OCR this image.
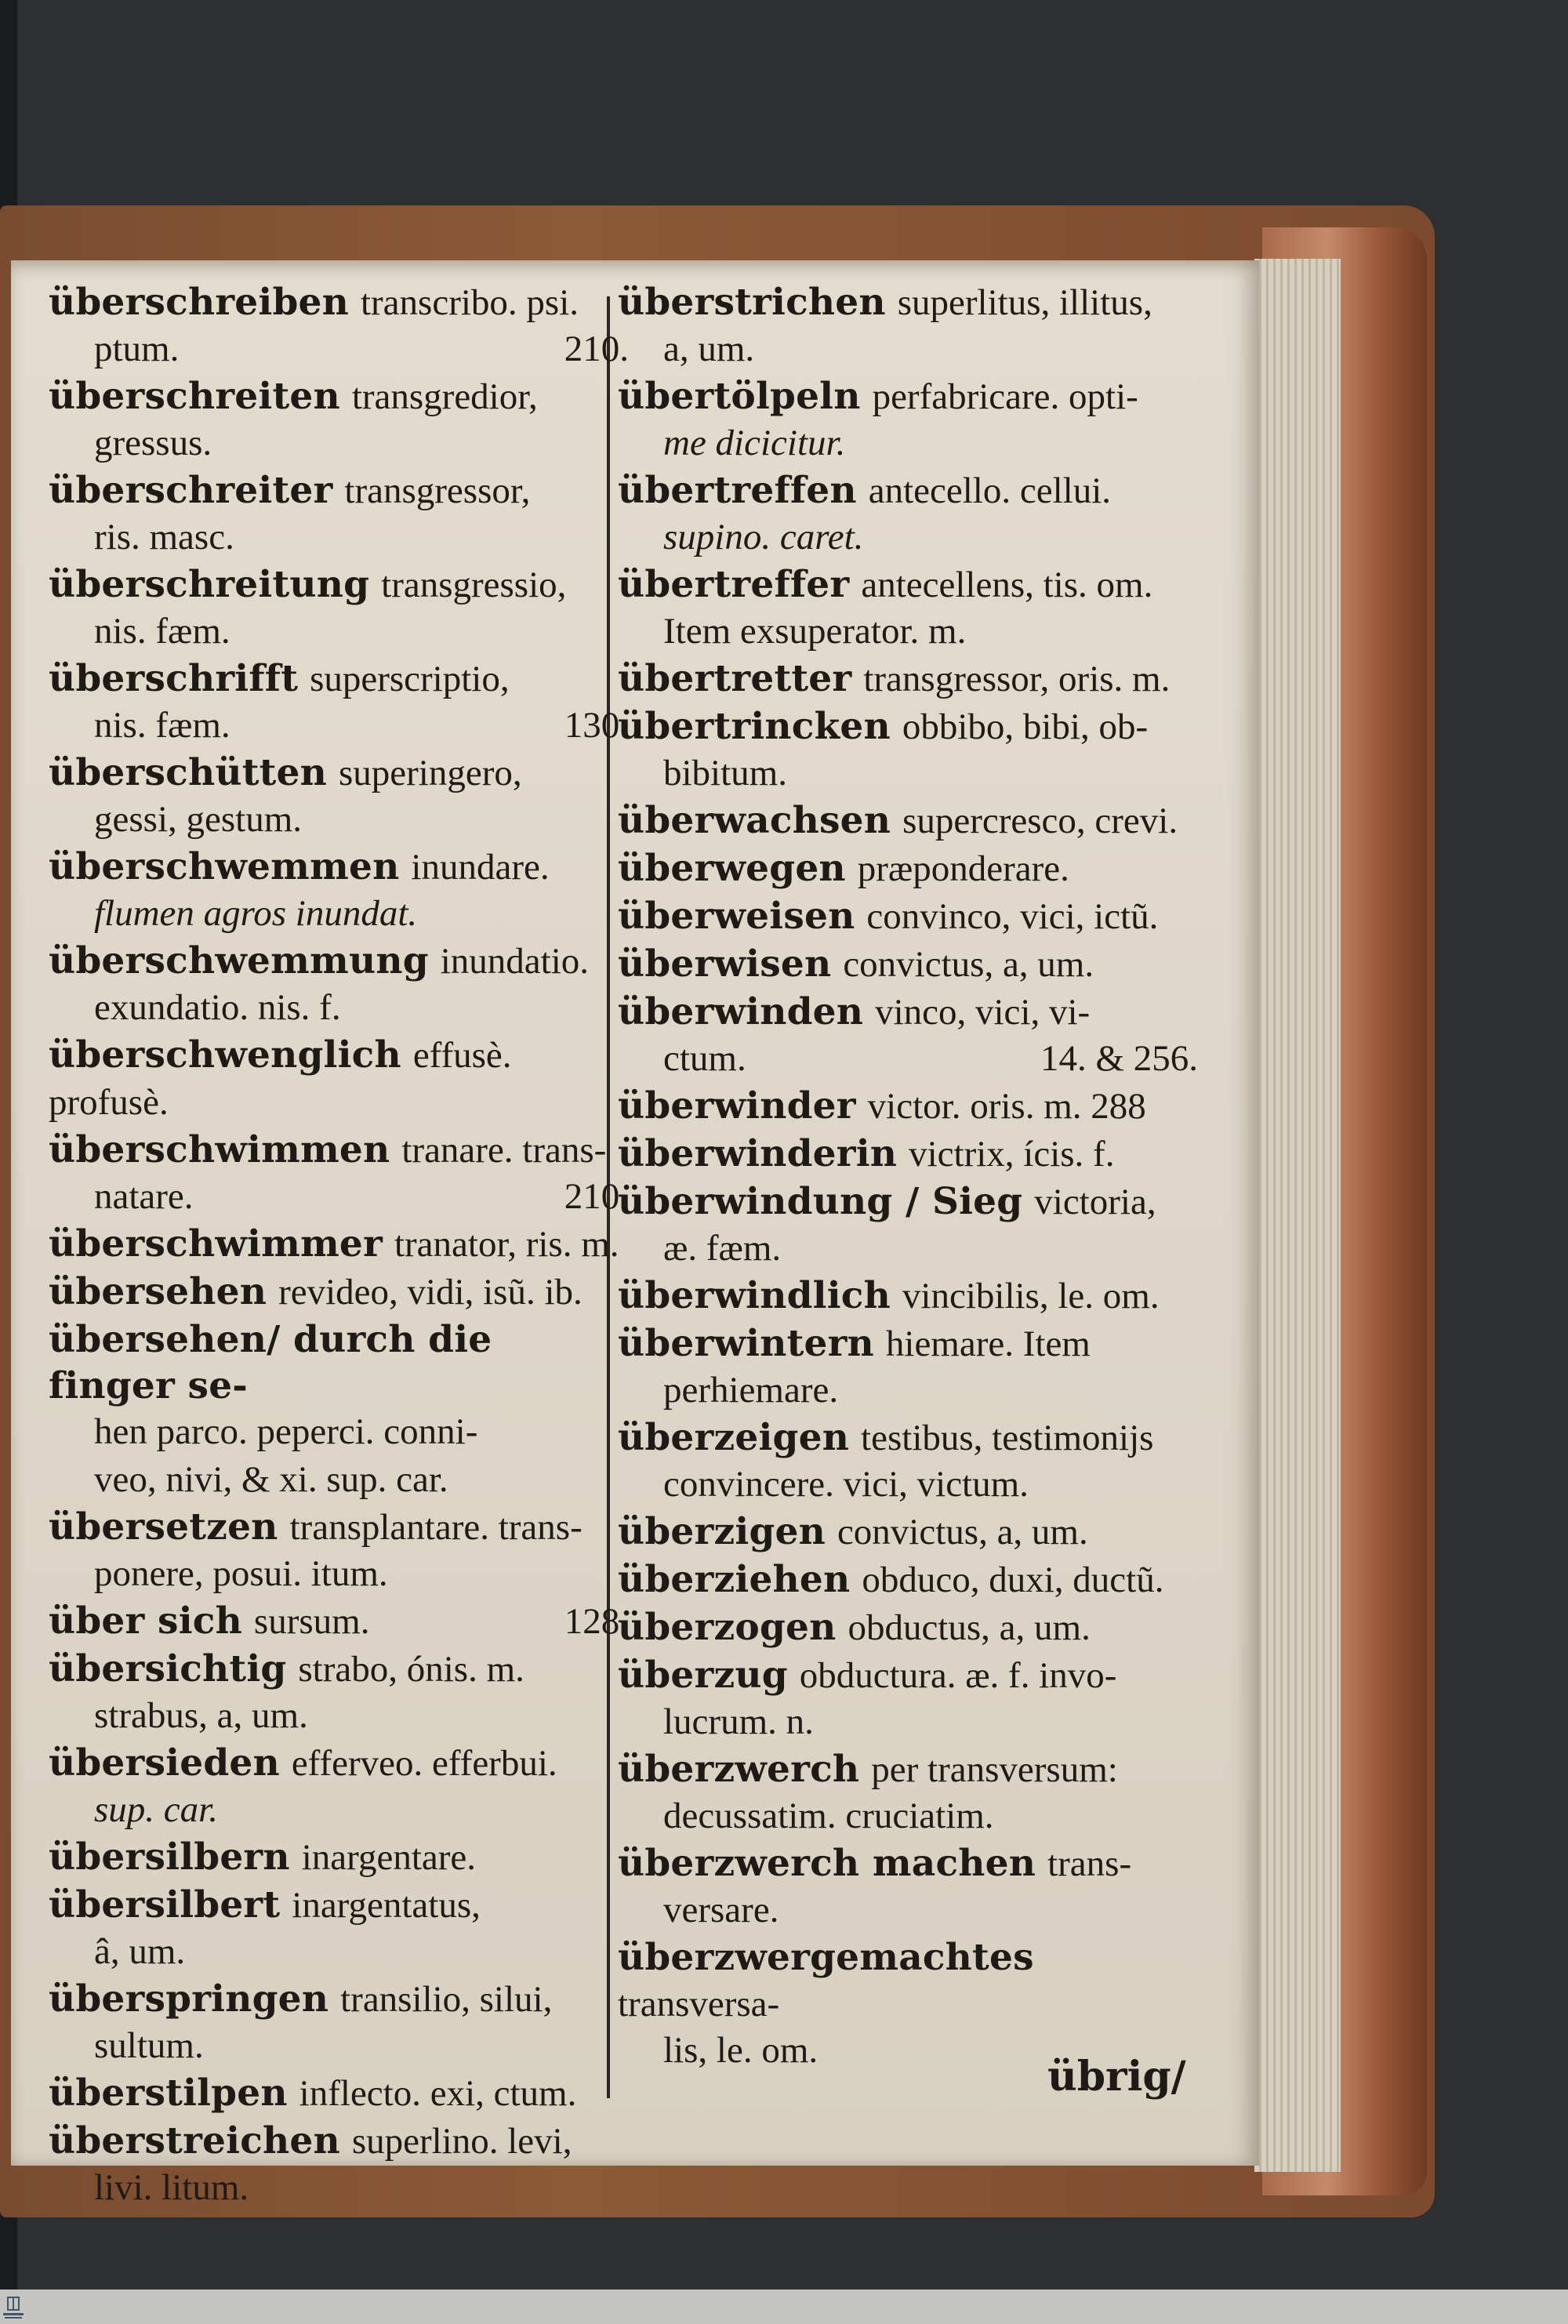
überschreiben transcribo. psi.
ptum.	210.
überschreiten transgredior,
gressus.
überschreiter transgressor,
ris. masc.
überschreitung transgressio,
nis. fæm.
überschrifft superscriptio,
nis. fæm.	130.
überschütten superingero,
gessi, gestum.
überschwemmen inundare.
flumen agros inundat.
überschwemmung inundatio.
exundatio. nis. f.
überschwenglich effusè. profusè.
überschwimmen tranare. trans-
natare.	210.
überschwimmer tranator, ris. m.
übersehen revideo, vidi, isũ. ib.
übersehen/ durch die finger se-
hen parco. peperci. conni-
veo, nivi, & xi. sup. car.
übersetzen transplantare. trans-
ponere, posui. itum.
über sich sursum.	128.
übersichtig strabo, ónis. m.
strabus, a, um.
übersieden efferveo. efferbui.
sup. car.
übersilbern inargentare.
übersilbert inargentatus,
â, um.
überspringen transilio, silui,
sultum.
überstilpen inflecto. exi, ctum.
überstreichen superlino. levi,
livi. litum.
überstrichen superlitus, illitus,
a, um.
übertölpeln perfabricare. opti-
me dicicitur.
übertreffen antecello. cellui.
supino. caret.
übertreffer antecellens, tis. om.
Item exsuperator. m.
übertretter transgressor, oris. m.
übertrincken obbibo, bibi, ob-
bibitum.
überwachsen supercresco, crevi.
überwegen præponderare.
überweisen convinco, vici, ictũ.
überwisen convictus, a, um.
überwinden vinco, vici, vi-
ctum.	14. & 256.
überwinder victor. oris. m. 288
überwinderin victrix, ícis. f.
überwindung / Sieg victoria,
æ. fæm.
überwindlich vincibilis, le. om.
überwintern hiemare. Item
perhiemare.
überzeigen testibus, testimonijs
convincere. vici, victum.
überzigen convictus, a, um.
überziehen obduco, duxi, ductũ.
überzogen obductus, a, um.
überzug obductura. æ. f. invo-
lucrum. n.
überzwerch per transversum:
decussatim. cruciatim.
überzwerch machen trans-
versare.
überzwergemachtes transversa-
lis, le. om.
übrig/
